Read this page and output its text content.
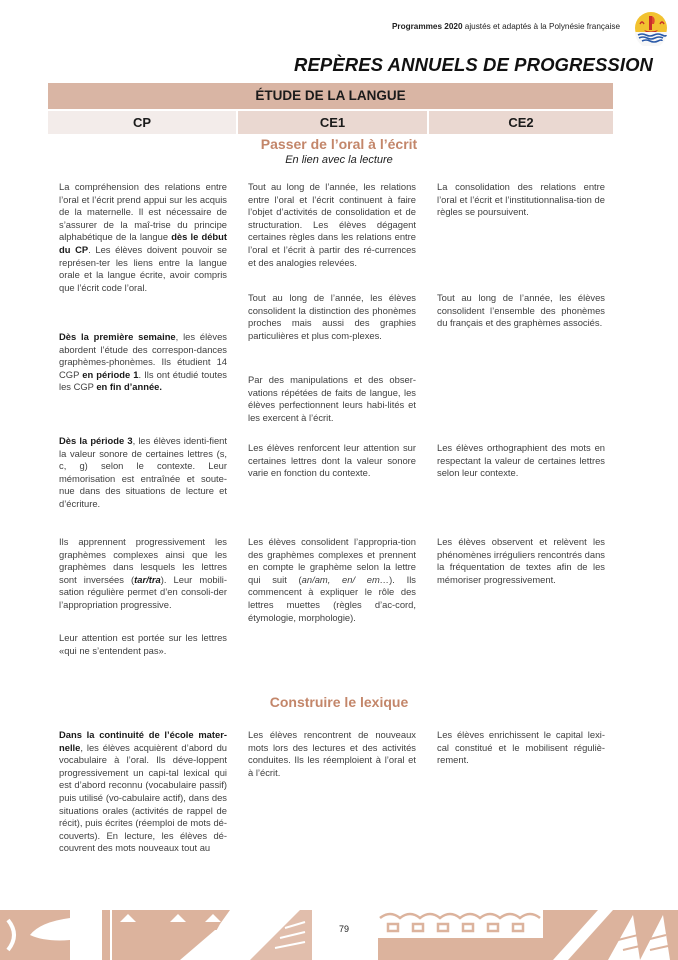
Programmes 2020 ajustés et adaptés à la Polynésie française
REPÈRES ANNUELS DE PROGRESSION
ÉTUDE DE LA LANGUE
CP	CE1	CE2
Passer de l’oral à l’écrit
En lien avec la lecture
La compréhension des relations entre l’oral et l’écrit prend appui sur les acquis de la maternelle. Il est nécessaire de s’assurer de la maî-trise du principe alphabétique de la langue dès le début du CP. Les élèves doivent pouvoir se représen-ter les liens entre la langue orale et la langue écrite, avoir compris que l’écrit code l’oral.
Dès la première semaine, les élèves abordent l’étude des correspon-dances graphèmes-phonèmes. Ils étudient 14 CGP en période 1. Ils ont étudié toutes les CGP en fin d’année.
Dès la période 3, les élèves identi-fient la valeur sonore de certaines lettres (s, c, g) selon le contexte. Leur mémorisation est entraînée et soute-nue dans des situations de lecture et d’écriture.
Ils apprennent progressivement les graphèmes complexes ainsi que les graphèmes dans lesquels les lettres sont inversées (tar/tra). Leur mobili-sation régulière permet d’en consoli-der l’appropriation progressive.
Leur attention est portée sur les lettres «qui ne s’entendent pas».
Tout au long de l’année, les relations entre l’oral et l’écrit continuent à faire l’objet d’activités de consolidation et de structuration. Les élèves dégagent certaines règles dans les relations entre l’oral et l’écrit à partir des ré-currences et des analogies relevées.
Tout au long de l’année, les élèves consolident la distinction des phonèmes proches mais aussi des graphies particulières et plus com-plexes.
Par des manipulations et des obser-vations répétées de faits de langue, les élèves perfectionnent leurs habi-lités et les exercent à l’écrit.
Les élèves renforcent leur attention sur certaines lettres dont la valeur sonore varie en fonction du contexte.
Les élèves consolident l’appropria-tion des graphèmes complexes et prennent en compte le graphème selon la lettre qui suit (an/am, en/ em…). Ils commencent à expliquer le rôle des lettres muettes (règles d’ac-cord, étymologie, morphologie).
La consolidation des relations entre l’oral et l’écrit et l’institutionnalisa-tion de règles se poursuivent.
Tout au long de l’année, les élèves consolident l’ensemble des phonèmes du français et des graphèmes associés.
Les élèves orthographient des mots en respectant la valeur de certaines lettres selon leur contexte.
Les élèves observent et relèvent les phénomènes irréguliers rencontrés dans la fréquentation de textes afin de les mémoriser progressivement.
Construire le lexique
Dans la continuité de l’école mater-nelle, les élèves acquièrent d’abord du vocabulaire à l’oral. Ils déve-loppent progressivement un capi-tal lexical qui est d’abord reconnu (vocabulaire passif) puis utilisé (vo-cabulaire actif), dans des situations orales (activités de rappel de récit), puis écrites (réemploi de mots dé-couverts). En lecture, les élèves dé-couvrent des mots nouveaux tout au
Les élèves rencontrent de nouveaux mots lors des lectures et des activités conduites. Ils les réemploient à l’oral et à l’écrit.
Les élèves enrichissent le capital lexi-cal constitué et le mobilisent réguliè-rement.
79
